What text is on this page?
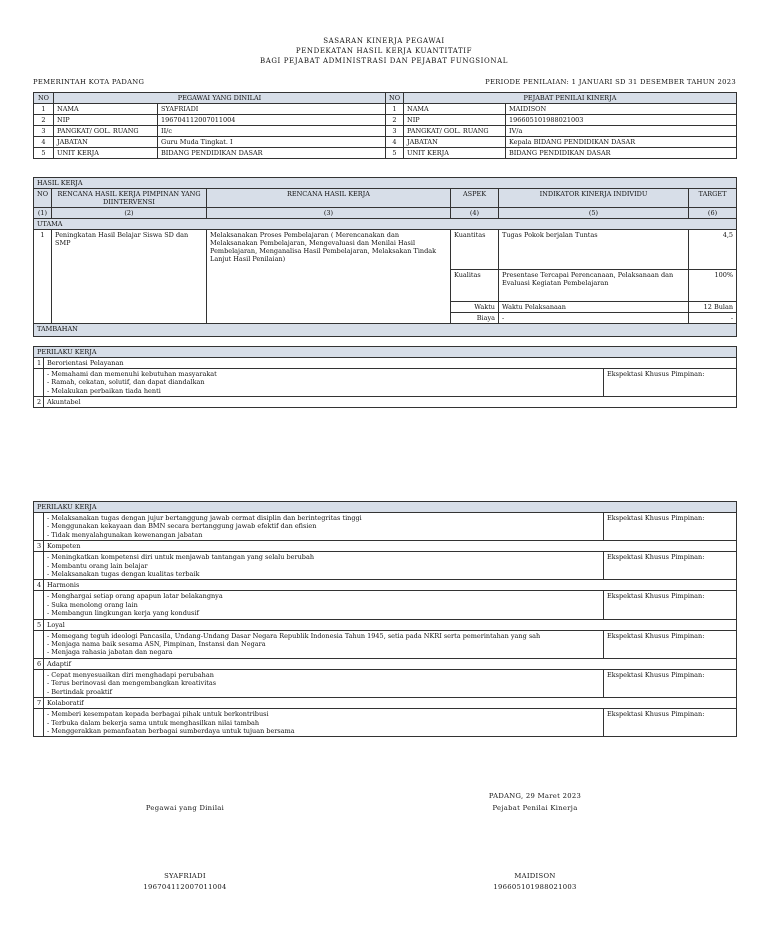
SASARAN KINERJA PEGAWAI
PENDEKATAN HASIL KERJA KUANTITATIF
BAGI PEJABAT ADMINISTRASI DAN PEJABAT FUNGSIONAL
PEMERINTAH KOTA PADANG	PERIODE PENILAIAN: 1 JANUARI SD 31 DESEMBER TAHUN 2023
NO	PEGAWAI YANG DINILAI		NO	PEJABAT PENILAI KINERJA	
1	NAMA	SYAFRIADI	1	NAMA	MAIDISON
2	NIP	196704112007011004	2	NIP	196605101988021003
3	PANGKAT/ GOL. RUANG	II/c	3	PANGKAT/ GOL. RUANG	IV/a
4	JABATAN	Guru Muda Tingkat. I	4	JABATAN	Kepala BIDANG PENDIDIKAN DASAR
5	UNIT KERJA	BIDANG PENDIDIKAN DASAR	5	UNIT KERJA	BIDANG PENDIDIKAN DASAR
HASIL KERJA					
NO	RENCANA HASIL KERJA PIMPINAN YANG DIINTERVENSI	RENCANA HASIL KERJA	ASPEK	INDIKATOR KINERJA INDIVIDU	TARGET
(1)	(2)	(3)	(4)	(5)	(6)
UTAMA					
1	Peningkatan Hasil Belajar Siswa SD dan SMP	Melaksanakan Proses Pembelajaran ( Merencanakan dan Melaksanakan Pembelajaran, Mengevaluasi dan Menilai Hasil Pembelajaran, Menganalisa Hasil Pembelajaran, Melaksakan Tindak Lanjut Hasil Penilaian)	Kuantitas	Tugas Pokok berjalan Tuntas	4,5
			Kualitas	Presentase Tercapai Perencanaan, Pelaksanaan dan Evaluasi Kegiatan Pembelajaran	100%
			Waktu	Waktu Pelaksanaan	12 Bulan
			Biaya	-	-
TAMBAHAN					
PERILAKU KERJA		
1	Berorientasi Pelayanan	

	- Memahami dan memenuhi kebutuhan masyarakat
- Ramah, cekatan, solutif, dan dapat diandalkan
- Melakukan perbaikan tiada henti	Ekspektasi Khusus Pimpinan:
2	Akuntabel	
PERILAKU KERJA		

	- Melaksanakan tugas dengan jujur bertanggung jawab cermat disiplin dan berintegritas tinggi
- Menggunakan kekayaan dan BMN secara bertanggung jawab efektif dan efisien
- Tidak menyalahgunakan kewenangan jabatan	Ekspektasi Khusus Pimpinan:
3	Kompeten	

	- Meningkatkan kompetensi diri untuk menjawab tantangan yang selalu berubah
- Membantu orang lain belajar
- Melaksanakan tugas dengan kualitas terbaik	Ekspektasi Khusus Pimpinan:
4	Harmonis	

	- Menghargai setiap orang apapun latar belakangnya
- Suka menolong orang lain
- Membangun lingkungan kerja yang kondusif	Ekspektasi Khusus Pimpinan:
5	Loyal	

	- Memegang teguh ideologi Pancasila, Undang-Undang Dasar Negara Republik Indonesia Tahun 1945, setia pada NKRI serta pemerintahan yang sah
- Menjaga nama baik sesama ASN, Pimpinan, Instansi dan Negara
- Menjaga rahasia jabatan dan negara	Ekspektasi Khusus Pimpinan:
6	Adaptif	

	- Cepat menyesuaikan diri menghadapi perubahan
- Terus berinovasi dan mengembangkan kreativitas
- Bertindak proaktif	Ekspektasi Khusus Pimpinan:
7	Kolaboratif	

	- Memberi kesempatan kepada berbagai pihak untuk berkontribusi
- Terbuka dalam bekerja sama untuk menghasilkan nilai tambah
- Menggerakkan pemanfaatan berbagai sumberdaya untuk tujuan bersama	Ekspektasi Khusus Pimpinan:
PADANG, 29 Maret 2023
Pegawai yang Dinilai	Pejabat Penilai Kinerja
SYAFRIADI
196704112007011004
MAIDISON
196605101988021003
